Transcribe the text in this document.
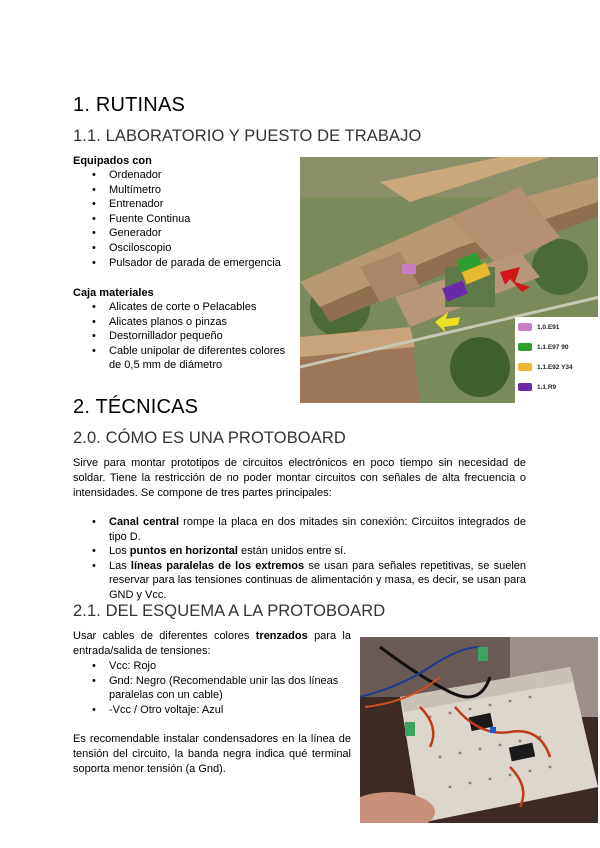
1. RUTINAS
1.1. LABORATORIO Y PUESTO DE TRABAJO
Equipados con
• Ordenador
• Multímetro
• Entrenador
• Fuente Continua
• Generador
• Osciloscopio
• Pulsador de parada de emergencia
Caja materiales
• Alicates de corte o Pelacables
• Alicates planos o pinzas
• Destornillador pequeño
• Cable unipolar de diferentes colores
de 0,5 mm de diámetro
1.0.E91
1.1.E97 90
1.1.E92 Y34
1.1.R9
2. TÉCNICAS
2.0. CÓMO ES UNA PROTOBOARD

Sirve para montar prototipos de circuitos electrónicos en poco tiempo sin necesidad de soldar. Tiene la restricción de no poder montar circuitos con señales de alta frecuencia o intensidades. Se compone de tres partes principales:

• Canal central rompe la placa en dos mitades sin conexión: Circuitos integrados de tipo D.
• Los puntos en horizontal están unidos entre sí.
• Las líneas paralelas de los extremos se usan para señales repetitivas, se suelen reservar para las tensiones continuas de alimentación y masa, es decir, se usan para GND y Vcc.
2.1. DEL ESQUEMA A LA PROTOBOARD

Usar cables de diferentes colores trenzados para la entrada/salida de tensiones:

• Vcc: Rojo
• Gnd: Negro (Recomendable unir las dos líneas paralelas con un cable)
• -Vcc / Otro voltaje: Azul

Es recomendable instalar condensadores en la línea de tensión del circuito, la banda negra indica qué terminal soporta menor tensión (a Gnd).
